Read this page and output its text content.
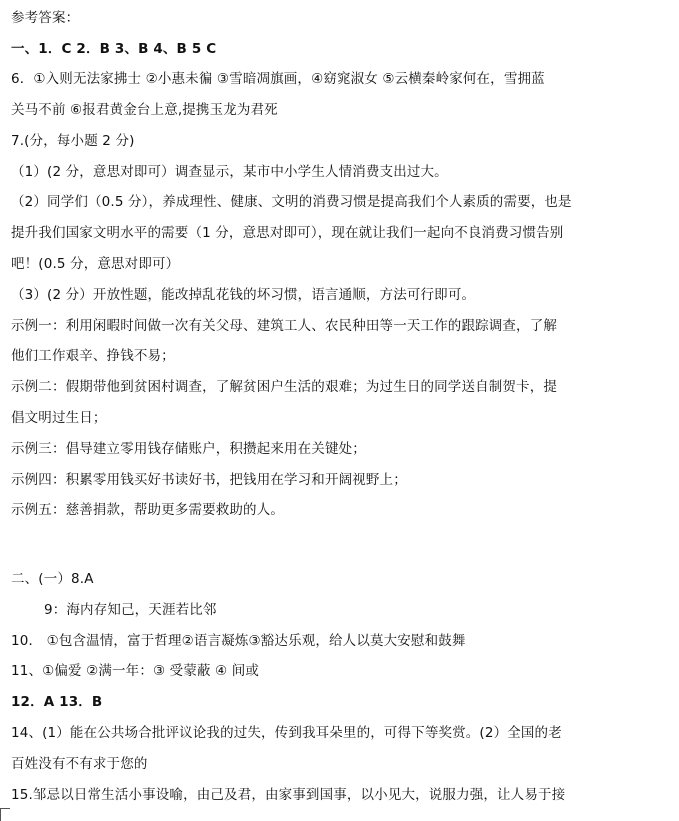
参考答案：
一、1．C 2．B 3、B 4、B 5 C
6．①入则无法家拂士 ②小惠未徧 ③雪暗凋旗画，④窈窕淑女 ⑤云横秦岭家何在，雪拥蓝
关马不前 ⑥报君黄金台上意,提携玉龙为君死
7.(分，每小题 2 分)
（1）(2 分，意思对即可）调查显示，某市中小学生人情消费支出过大。
（2）同学们（0.5 分），养成理性、健康、文明的消费习惯是提高我们个人素质的需要，也是
提升我们国家文明水平的需要（1 分，意思对即可），现在就让我们一起向不良消费习惯告别
吧！(0.5 分，意思对即可）
（3）(2 分）开放性题，能改掉乱花钱的坏习惯，语言通顺，方法可行即可。
示例一：利用闲暇时间做一次有关父母、建筑工人、农民种田等一天工作的跟踪调查，了解
他们工作艰辛、挣钱不易；
示例二：假期带他到贫困村调查，了解贫困户生活的艰难；为过生日的同学送自制贺卡，提
倡文明过生日；
示例三：倡导建立零用钱存储账户，积攒起来用在关键处；
示例四：积累零用钱买好书读好书，把钱用在学习和开阔视野上；
示例五：慈善捐款，帮助更多需要救助的人。
二、(一）8.A
9：海内存知己，天涯若比邻
10． ①包含温情，富于哲理②语言凝炼③豁达乐观，给人以莫大安慰和鼓舞
11、①偏爱 ②满一年：③ 受蒙蔽 ④ 间或
12．A 13．B
14、(1）能在公共场合批评议论我的过失，传到我耳朵里的，可得下等奖赏。(2）全国的老
百姓没有不有求于您的
15.邹忌以日常生活小事设喻，由己及君，由家事到国事，以小见大，说服力强，让人易于接
